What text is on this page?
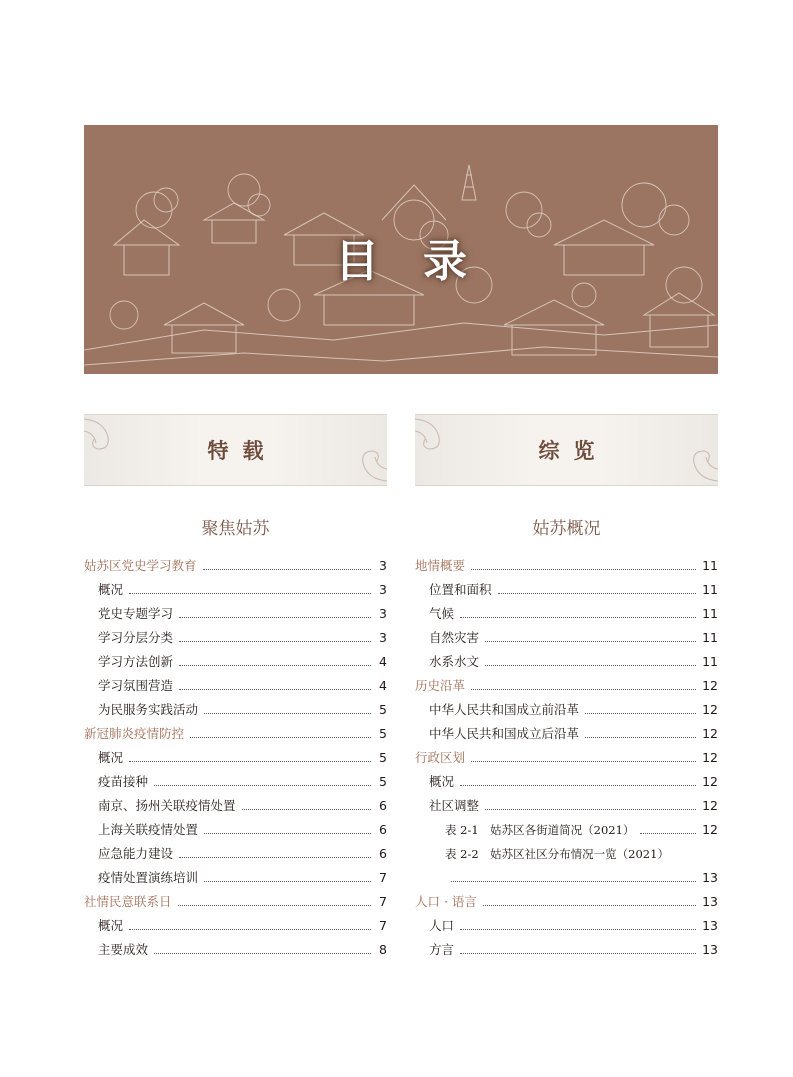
目录
特载
聚焦姑苏
姑苏区党史学习教育	3
概况	3
党史专题学习	3
学习分层分类	3
学习方法创新	4
学习氛围营造	4
为民服务实践活动	5
新冠肺炎疫情防控	5
概况	5
疫苗接种	5
南京、扬州关联疫情处置	6
上海关联疫情处置	6
应急能力建设	6
疫情处置演练培训	7
社情民意联系日	7
概况	7
主要成效	8
综览
姑苏概况
地情概要	11
位置和面积	11
气候	11
自然灾害	11
水系水文	11
历史沿革	12
中华人民共和国成立前沿革	12
中华人民共和国成立后沿革	12
行政区划	12
概况	12
社区调整	12
表 2-1　姑苏区各街道简况（2021）	12
表 2-2　姑苏区社区分布情况一览（2021）
13
人口 · 语言	13
人口	13
方言	13
